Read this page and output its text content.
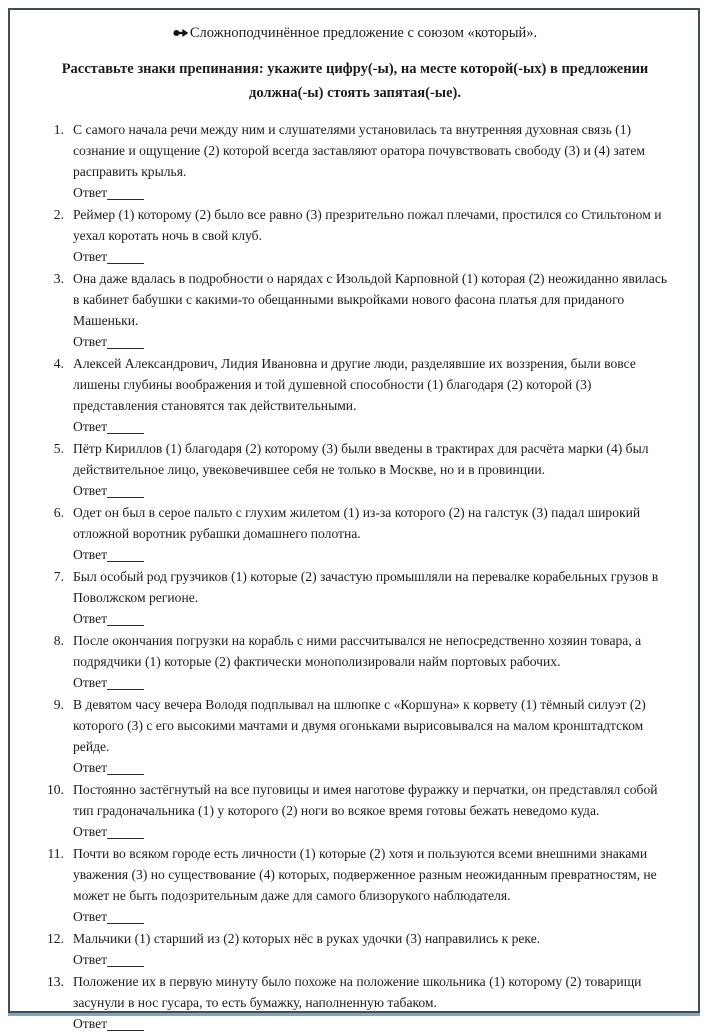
Сложноподчинённое предложение с союзом «который».
Расставьте знаки препинания: укажите цифру(-ы), на месте которой(-ых) в предложении должна(-ы) стоять запятая(-ые).
1. С самого начала речи между ним и слушателями установилась та внутренняя духовная связь (1) сознание и ощущение (2) которой всегда заставляют оратора почувствовать свободу (3) и (4) затем расправить крылья.
Ответ
2. Реймер (1) которому (2) было все равно (3) презрительно пожал плечами, простился со Стильтоном и уехал коротать ночь в свой клуб.
Ответ
3. Она даже вдалась в подробности о нарядах с Изольдой Карповной (1) которая (2) неожиданно явилась в кабинет бабушки с какими-то обещанными выкройками нового фасона платья для приданого Машеньки.
Ответ
4. Алексей Александрович, Лидия Ивановна и другие люди, разделявшие их воззрения, были вовсе лишены глубины воображения и той душевной способности (1) благодаря (2) которой (3) представления становятся так действительными.
Ответ
5. Пётр Кириллов (1) благодаря (2) которому (3) были введены в трактирах для расчёта марки (4) был действительное лицо, увековечившее себя не только в Москве, но и в провинции.
Ответ
6. Одет он был в серое пальто с глухим жилетом (1) из-за которого (2) на галстук (3) падал широкий отложной воротник рубашки домашнего полотна.
Ответ
7. Был особый род грузчиков (1) которые (2) зачастую промышляли на перевалке корабельных грузов в Поволжском регионе.
Ответ
8. После окончания погрузки на корабль с ними рассчитывался не непосредственно хозяин товара, а подрядчики (1) которые (2) фактически монополизировали найм портовых рабочих.
Ответ
9. В девятом часу вечера Володя подплывал на шлюпке с «Коршуна» к корвету (1) тёмный силуэт (2) которого (3) с его высокими мачтами и двумя огоньками вырисовывался на малом кронштадтском рейде.
Ответ
10. Постоянно застёгнутый на все пуговицы и имея наготове фуражку и перчатки, он представлял собой тип градоначальника (1) у которого (2) ноги во всякое время готовы бежать неведомо куда.
Ответ
11. Почти во всяком городе есть личности (1) которые (2) хотя и пользуются всеми внешними знаками уважения (3) но существование (4) которых, подверженное разным неожиданным превратностям, не может не быть подозрительным даже для самого близорукого наблюдателя.
Ответ
12. Мальчики (1) старший из (2) которых нёс в руках удочки (3) направились к реке.
Ответ
13. Положение их в первую минуту было похоже на положение школьника (1) которому (2) товарищи засунули в нос гусара, то есть бумажку, наполненную табаком.
Ответ
